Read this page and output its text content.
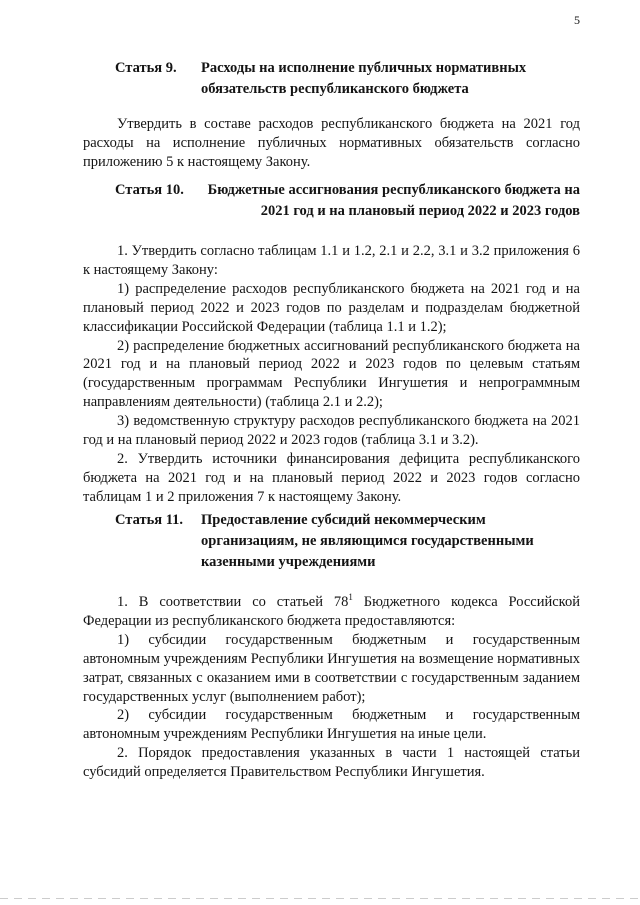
5
Статья 9.	Расходы на исполнение публичных нормативных обязательств республиканского бюджета

Утвердить в составе расходов республиканского бюджета на 2021 год расходы на исполнение публичных нормативных обязательств согласно приложению 5 к настоящему Закону.

Статья 10.	Бюджетные ассигнования республиканского бюджета на 2021 год и на плановый период 2022 и 2023 годов

1. Утвердить согласно таблицам 1.1 и 1.2, 2.1 и 2.2, 3.1 и 3.2 приложения 6 к настоящему Закону:

1) распределение расходов республиканского бюджета на 2021 год и на плановый период 2022 и 2023 годов по разделам и подразделам бюджетной классификации Российской Федерации (таблица 1.1 и 1.2);

2) распределение бюджетных ассигнований республиканского бюджета на 2021 год и на плановый период 2022 и 2023 годов по целевым статьям (государственным программам Республики Ингушетия и непрограммным направлениям деятельности) (таблица 2.1 и 2.2);

3) ведомственную структуру расходов республиканского бюджета на 2021 год и на плановый период 2022 и 2023 годов (таблица 3.1 и 3.2).

2. Утвердить источники финансирования дефицита республиканского бюджета на 2021 год и на плановый период 2022 и 2023 годов согласно таблицам 1 и 2 приложения 7 к настоящему Закону.

Статья 11.	Предоставление субсидий некоммерческим организациям, не являющимся государственными казенными учреждениями

1. В соответствии со статьей $78^1$ Бюджетного кодекса Российской Федерации из республиканского бюджета предоставляются:

1) субсидии государственным бюджетным и государственным автономным учреждениям Республики Ингушетия на возмещение нормативных затрат, связанных с оказанием ими в соответствии с государственным заданием государственных услуг (выполнением работ);

2) субсидии государственным бюджетным и государственным автономным учреждениям Республики Ингушетия на иные цели.

2. Порядок предоставления указанных в части 1 настоящей статьи субсидий определяется Правительством Республики Ингушетия.
